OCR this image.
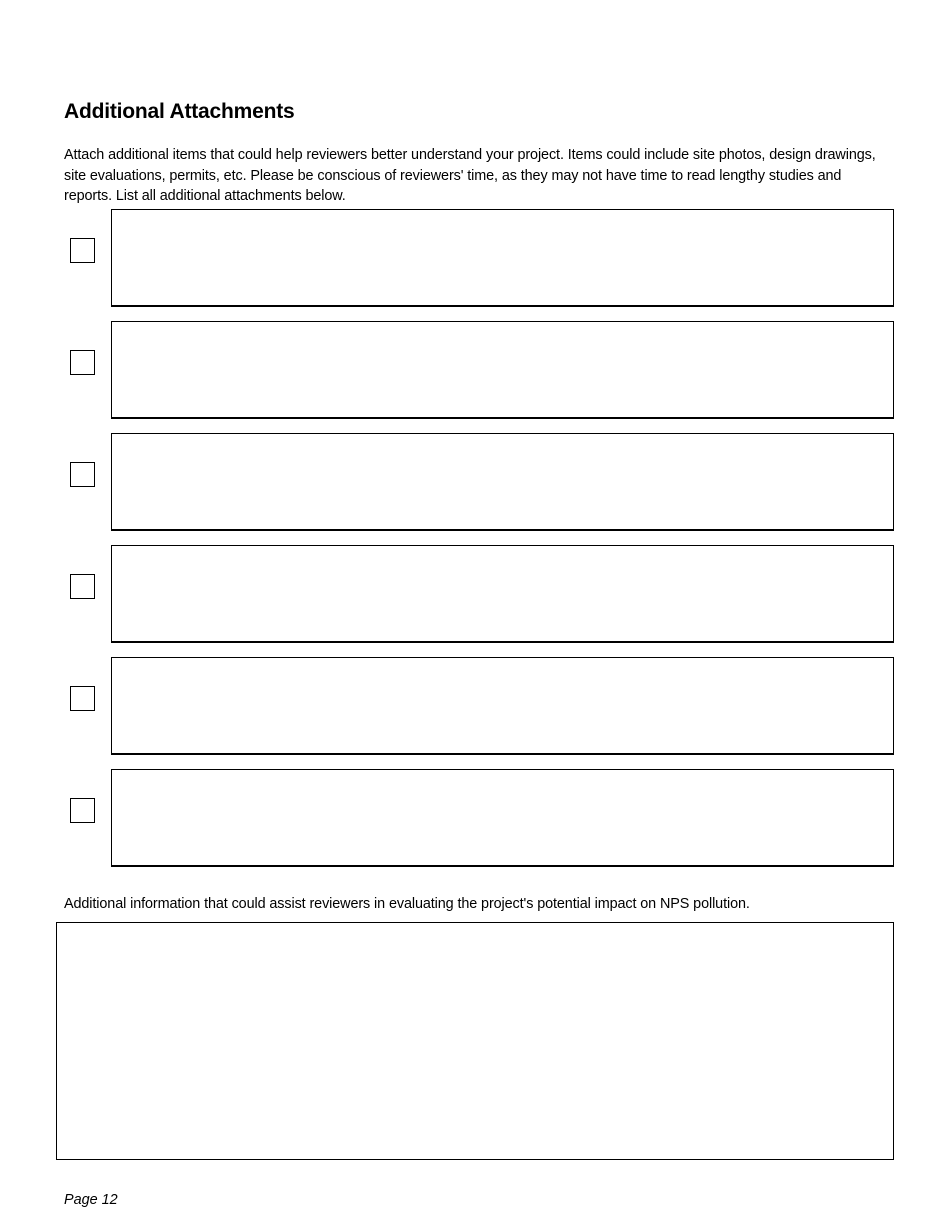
Additional Attachments

Attach additional items that could help reviewers better understand your project. Items could include site photos, design drawings, site evaluations, permits, etc. Please be conscious of reviewers' time, as they may not have time to read lengthy studies and reports. List all additional attachments below.

Additional information that could assist reviewers in evaluating the project's potential impact on NPS pollution.

Page 12
